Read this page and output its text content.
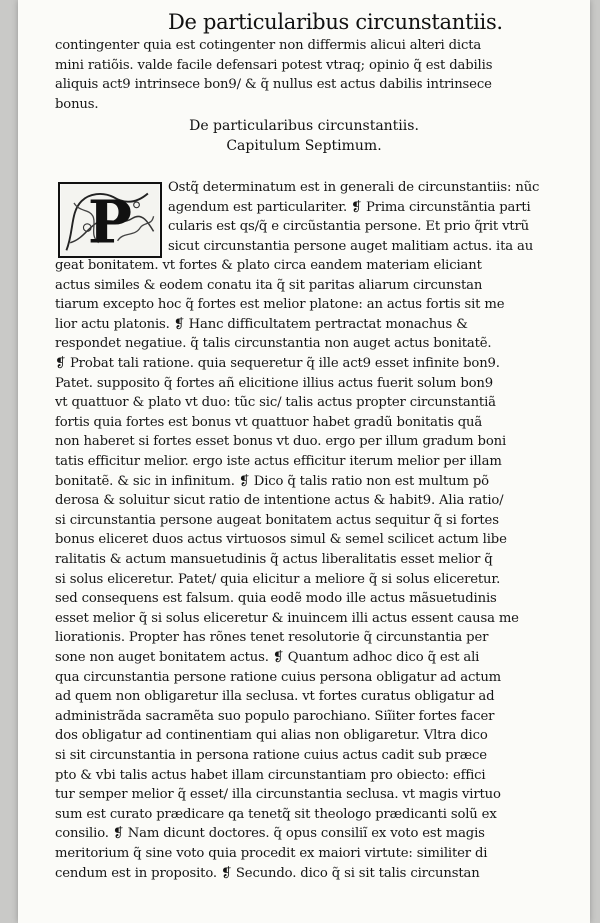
De particularibus circunstantiis.
contingenter quia est cotingenter non differmis alicui alteri dicta
mini ratiõis. valde facile defensari potest vtraq; opinio q̃ est dabilis
aliquis act9 intrinsece bon9/ & q̃ nullus est actus dabilis intrinsece
bonus.
De particularibus circunstantiis.
Capitulum Septimum.
P
Ostq̃ determinatum est in generali de circunstantiis: nũc
agendum est particulariter. ❡ Prima circunstãntia parti
cularis est qs/q̃ e circũstantia persone. Et prio q̃rit vtrũ
sicut circunstantia persone auget malitiam actus. ita au
geat bonitatem. vt fortes & plato circa eandem materiam eliciant
actus similes & eodem conatu ita q̃ sit paritas aliarum circunstan
tiarum excepto hoc q̃ fortes est melior platone: an actus fortis sit me
lior actu platonis. ❡ Hanc difficultatem pertractat monachus &
respondet negatiue. q̃ talis circunstantia non auget actus bonitatẽ.
❡ Probat tali ratione. quia sequeretur q̃ ille act9 esset infinite bon9.
Patet. supposito q̃ fortes añ elicitione illius actus fuerit solum bon9
vt quattuor & plato vt duo: tũc sic/ talis actus propter circunstantiã
fortis quia fortes est bonus vt quattuor habet gradũ bonitatis quã
non haberet si fortes esset bonus vt duo. ergo per illum gradum boni
tatis efficitur melior. ergo iste actus efficitur iterum melior per illam
bonitatẽ. & sic in infinitum. ❡ Dico q̃ talis ratio non est multum põ
derosa & soluitur sicut ratio de intentione actus & habit9. Alia ratio/
si circunstantia persone augeat bonitatem actus sequitur q̃ si fortes
bonus eliceret duos actus virtuosos simul & semel scilicet actum libe
ralitatis & actum mansuetudinis q̃ actus liberalitatis esset melior q̃
si solus eliceretur. Patet/ quia elicitur a meliore q̃ si solus eliceretur.
sed consequens est falsum. quia eodẽ modo ille actus mãsuetudinis
esset melior q̃ si solus eliceretur & inuincem illi actus essent causa me
liorationis. Propter has rõnes tenet resolutorie q̃ circunstantia per
sone non auget bonitatem actus. ❡ Quantum adhoc dico q̃ est ali
qua circunstantia persone ratione cuius persona obligatur ad actum
ad quem non obligaretur illa seclusa. vt fortes curatus obligatur ad
administrãda sacramẽta suo populo parochiano. Siĩiter fortes facer
dos obligatur ad continentiam qui alias non obligaretur. Vltra dico
si sit circunstantia in persona ratione cuius actus cadit sub præce
pto & vbi talis actus habet illam circunstantiam pro obiecto: effici
tur semper melior q̃ esset/ illa circunstantia seclusa. vt magis virtuo
sum est curato prædicare qa tenetq̃ sit theologo prædicanti solũ ex
consilio. ❡ Nam dicunt doctores. q̃ opus consiliĩ ex voto est magis
meritorium q̃ sine voto quia procedit ex maiori virtute: similiter di
cendum est in proposito. ❡ Secundo. dico q̃ si sit talis circunstan
